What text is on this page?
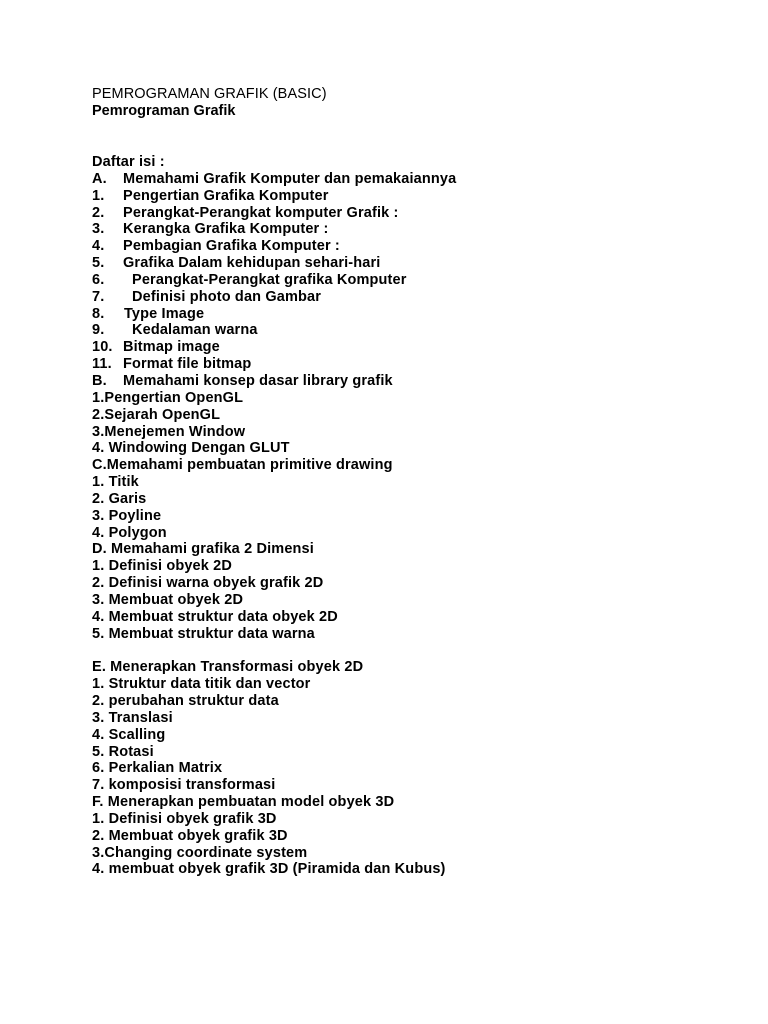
PEMROGRAMAN GRAFIK (BASIC)

Pemrograman Grafik

Daftar isi :
A. Memahami Grafik Komputer dan pemakaiannya
1. Pengertian Grafika Komputer
2. Perangkat-Perangkat komputer Grafik :
3. Kerangka Grafika Komputer :
4. Pembagian Grafika Komputer :
5. Grafika Dalam kehidupan sehari-hari
6. Perangkat-Perangkat grafika Komputer
7. Definisi photo dan Gambar
8. Type Image
9. Kedalaman warna
10. Bitmap image
11. Format file bitmap
B. Memahami konsep dasar library grafik
1.Pengertian OpenGL
2.Sejarah OpenGL
3.Menejemen Window
4. Windowing Dengan GLUT
C.Memahami pembuatan primitive drawing
1. Titik
2. Garis
3. Poyline
4. Polygon
D. Memahami grafika 2 Dimensi
1. Definisi obyek 2D
2. Definisi warna obyek grafik 2D
3. Membuat obyek 2D
4. Membuat struktur data obyek 2D
5. Membuat struktur data warna
E. Menerapkan Transformasi obyek 2D
1. Struktur data titik dan vector
2. perubahan struktur data
3. Translasi
4. Scalling
5. Rotasi
6. Perkalian Matrix
7. komposisi transformasi
F. Menerapkan pembuatan model obyek 3D
1. Definisi obyek grafik 3D
2. Membuat obyek grafik 3D
3.Changing coordinate system
4. membuat obyek grafik 3D (Piramida dan Kubus)
